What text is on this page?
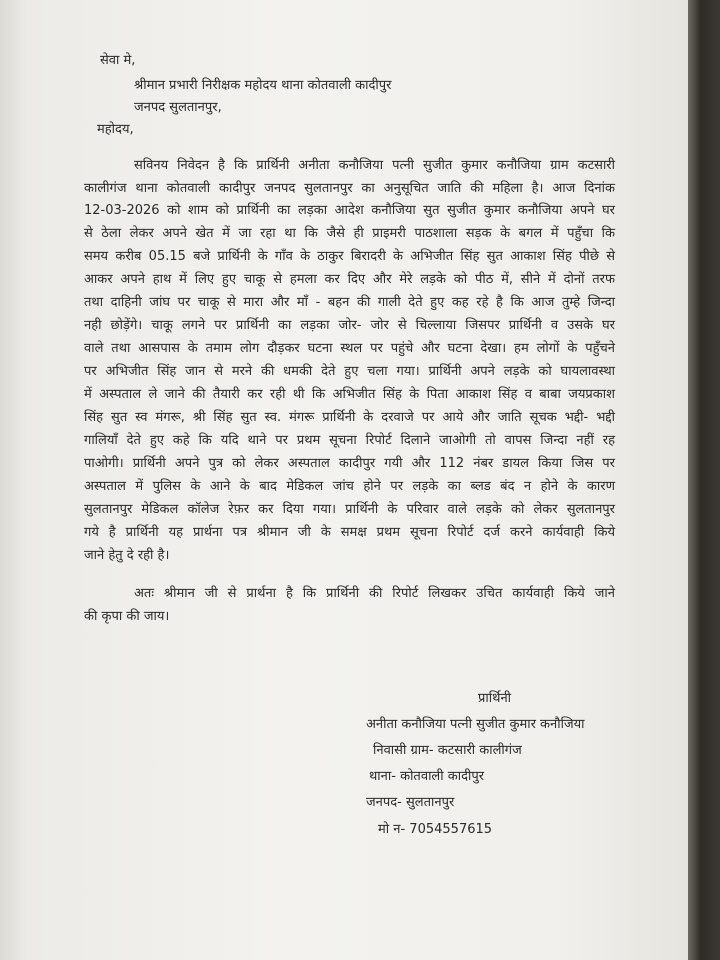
सेवा मे,
श्रीमान प्रभारी निरीक्षक महोदय थाना कोतवाली कादीपुर
जनपद सुलतानपुर,
महोदय,
सविनय निवेदन है कि प्रार्थिनी अनीता कनौजिया पत्नी सुजीत कुमार कनौजिया ग्राम कटसारी
कालीगंज थाना कोतवाली कादीपुर जनपद सुलतानपुर का अनुसूचित जाति की महिला है। आज दिनांक
12-03-2026 को शाम को प्रार्थिनी का लड़का आदेश कनौजिया सुत सुजीत कुमार कनौजिया अपने घर
से ठेला लेकर अपने खेत में जा रहा था कि जैसे ही प्राइमरी पाठशाला सड़क के बगल में पहुँचा कि
समय करीब 05.15 बजे प्रार्थिनी के गाँव के ठाकुर बिरादरी के अभिजीत सिंह सुत आकाश सिंह पीछे से
आकर अपने हाथ में लिए हुए चाकू से हमला कर दिए और मेरे लड़के को पीठ में, सीने में दोनों तरफ
तथा दाहिनी जांघ पर चाकू से मारा और माँ - बहन की गाली देते हुए कह रहे है कि आज तुम्हे जिन्दा
नही छोड़ेंगे। चाकू लगने पर प्रार्थिनी का लड़का जोर- जोर से चिल्लाया जिसपर प्रार्थिनी व उसके घर
वाले तथा आसपास के तमाम लोग दौड़कर घटना स्थल पर पहुंचे और घटना देखा। हम लोगों के पहुँचने
पर अभिजीत सिंह जान से मरने की धमकी देते हुए चला गया। प्रार्थिनी अपने लड़के को घायलावस्था
में अस्पताल ले जाने की तैयारी कर रही थी कि अभिजीत सिंह के पिता आकाश सिंह व बाबा जयप्रकाश
सिंह सुत स्व मंगरू, श्री सिंह सुत स्व. मंगरू प्रार्थिनी के दरवाजे पर आये और जाति सूचक भद्दी- भद्दी
गालियाँ देते हुए कहे कि यदि थाने पर प्रथम सूचना रिपोर्ट दिलाने जाओगी तो वापस जिन्दा नहीं रह
पाओगी। प्रार्थिनी अपने पुत्र को लेकर अस्पताल कादीपुर गयी और 112 नंबर डायल किया जिस पर
अस्पताल में पुलिस के आने के बाद मेडिकल जांच होने पर लड़के का ब्लड बंद न होने के कारण
सुलतानपुर मेडिकल कॉलेज रेफ़र कर दिया गया। प्रार्थिनी के परिवार वाले लड़के को लेकर सुलतानपुर
गये है प्रार्थिनी यह प्रार्थना पत्र श्रीमान जी के समक्ष प्रथम सूचना रिपोर्ट दर्ज करने कार्यवाही किये
जाने हेतु दे रही है।
अतः श्रीमान जी से प्रार्थना है कि प्रार्थिनी की रिपोर्ट लिखकर उचित कार्यवाही किये जाने
की कृपा की जाय।
प्रार्थिनी
अनीता कनौजिया पत्नी सुजीत कुमार कनौजिया
निवासी ग्राम- कटसारी कालीगंज
थाना- कोतवाली कादीपुर
जनपद- सुलतानपुर
मो न- 7054557615
